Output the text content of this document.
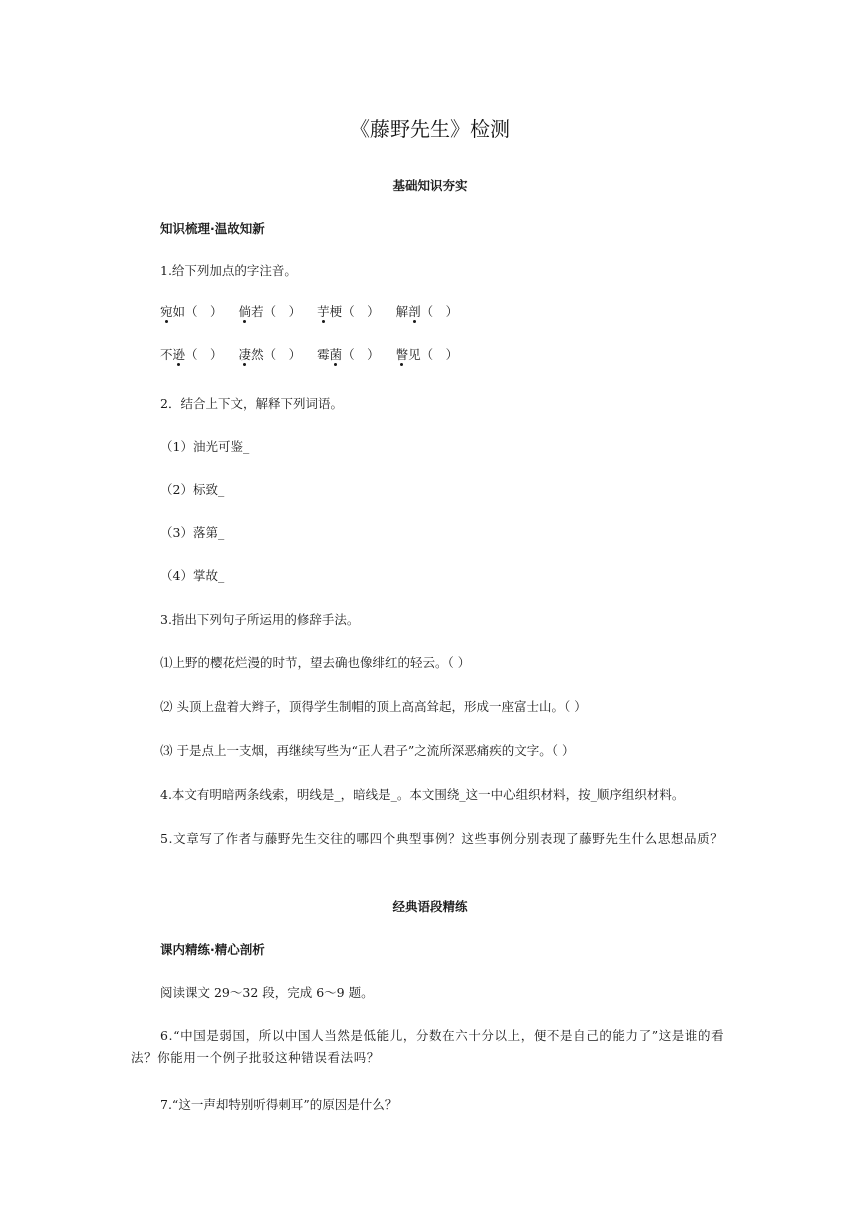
《藤野先生》检测
基础知识夯实
知识梳理·温故知新
1.给下列加点的字注音。
宛如（　） 倘若（　） 芋梗（　） 解剖（　）
不逊（　） 凄然（　） 霉菌（　） 瞥见（　）
2．结合上下文，解释下列词语。
（1）油光可鉴_
（2）标致_
（3）落第_
（4）掌故_
3.指出下列句子所运用的修辞手法。
⑴上野的樱花烂漫的时节，望去确也像绯红的轻云。（ ）
⑵ 头顶上盘着大辫子，顶得学生制帽的顶上高高耸起，形成一座富士山。（ ）
⑶ 于是点上一支烟，再继续写些为“正人君子”之流所深恶痛疾的文字。（ ）
4.本文有明暗两条线索，明线是_，暗线是_。本文围绕_这一中心组织材料，按_顺序组织材料。
5.文章写了作者与藤野先生交往的哪四个典型事例？这些事例分别表现了藤野先生什么思想品质？
经典语段精练
课内精练·精心剖析
阅读课文 29～32 段，完成 6～9 题。
6.“中国是弱国，所以中国人当然是低能儿，分数在六十分以上，便不是自己的能力了”这是谁的看法？你能用一个例子批驳这种错误看法吗？
7.“这一声却特别听得刺耳”的原因是什么？
